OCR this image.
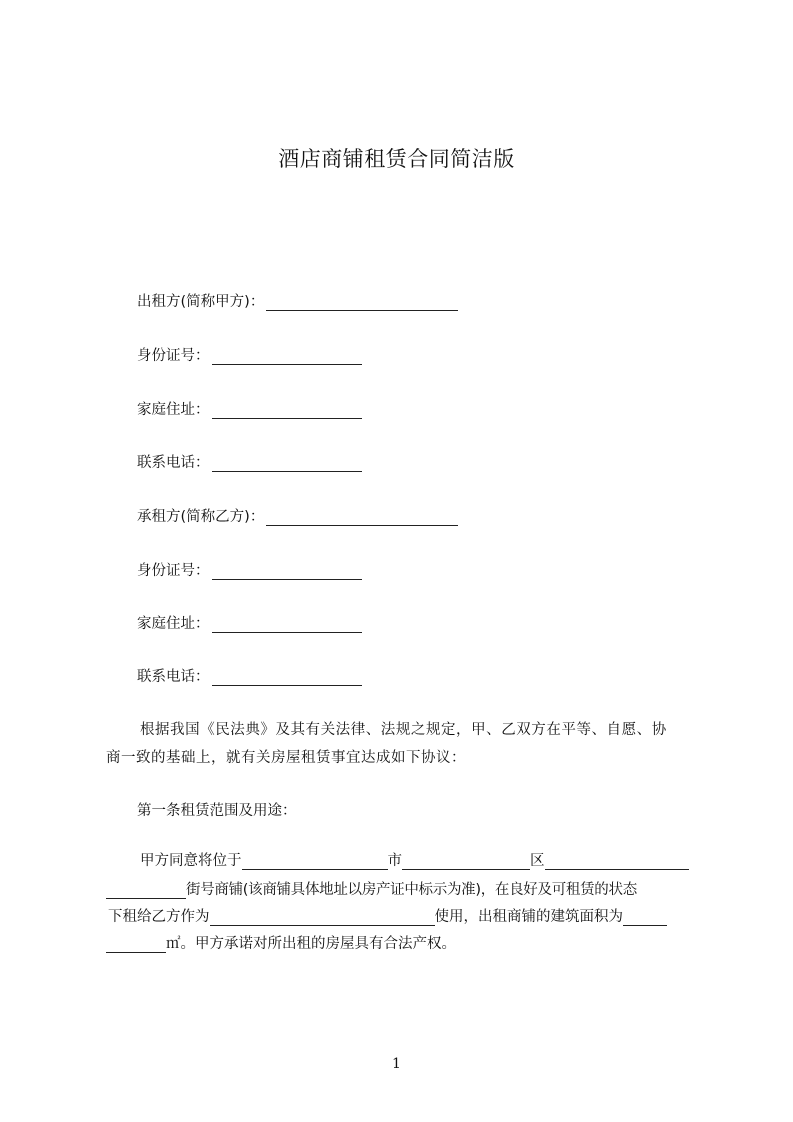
酒店商铺租赁合同简洁版
出租方(简称甲方)：
身份证号：
家庭住址：
联系电话：
承租方(简称乙方)：
身份证号：
家庭住址：
联系电话：
根据我国《民法典》及其有关法律、法规之规定，甲、乙双方在平等、自愿、协
商一致的基础上，就有关房屋租赁事宜达成如下协议：
第一条租赁范围及用途：
甲方同意将位于	市	区
街号商铺(该商铺具体地址以房产证中标示为准)，在良好及可租赁的状态
下租给乙方作为	使用，出租商铺的建筑面积为
㎡。甲方承诺对所出租的房屋具有合法产权。
1
